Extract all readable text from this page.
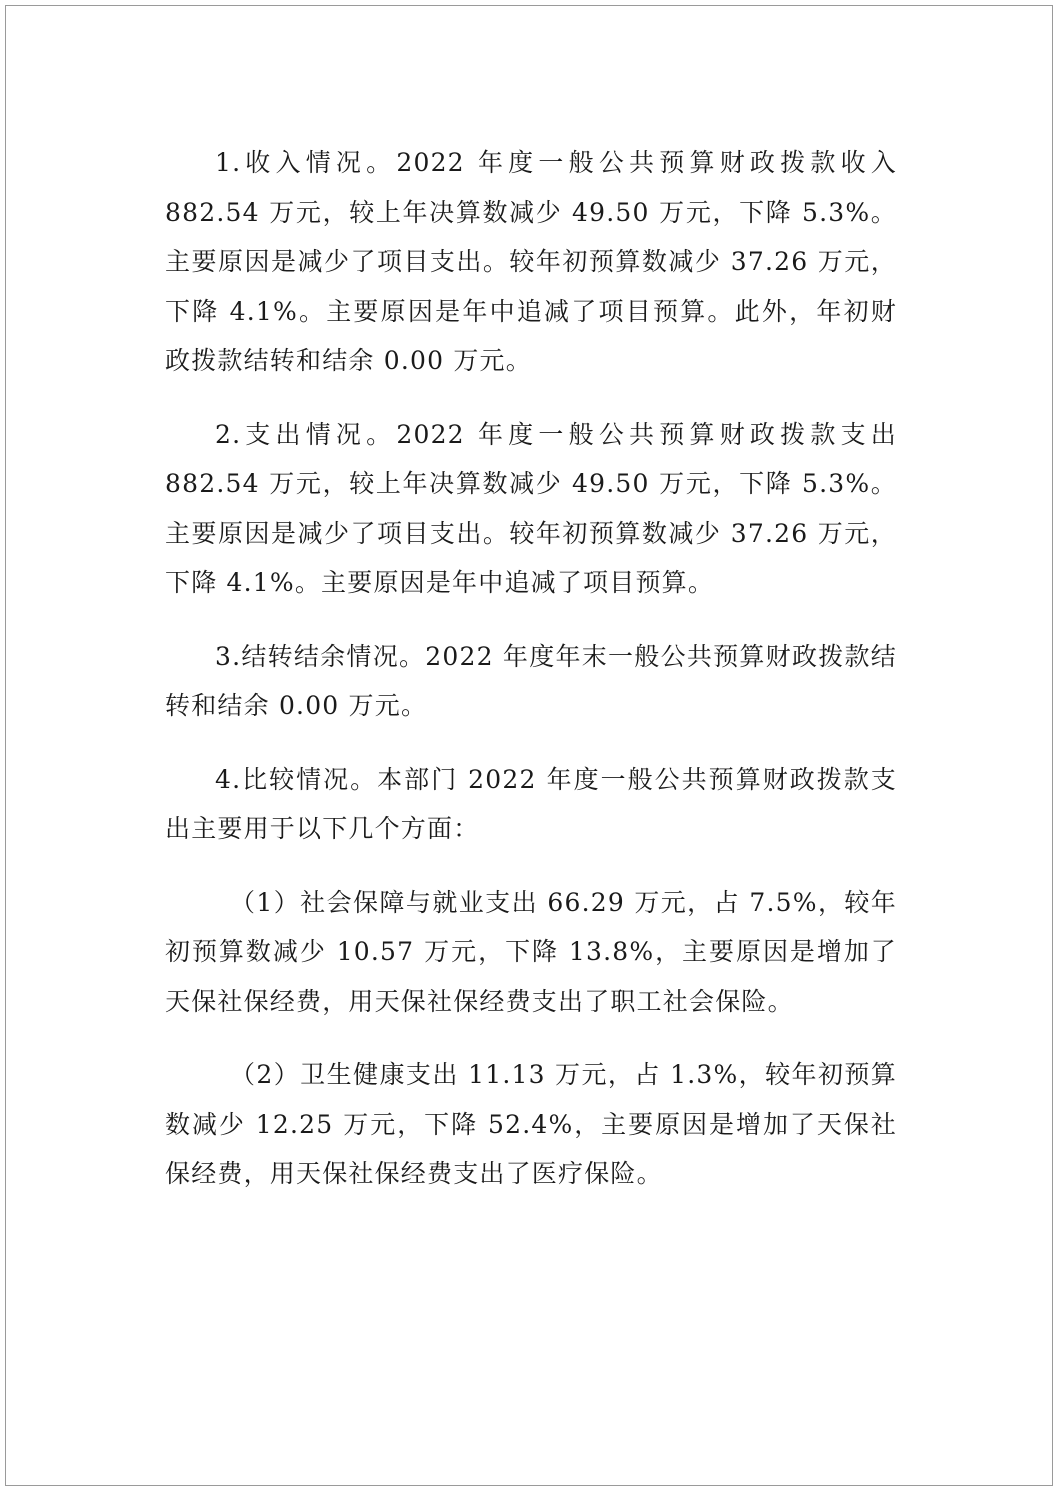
1.收入情况。2022 年度一般公共预算财政拨款收入 882.54 万元，较上年决算数减少 49.50 万元，下降 5.3%。主要原因是减少了项目支出。较年初预算数减少 37.26 万元，下降 4.1%。主要原因是年中追减了项目预算。此外，年初财政拨款结转和结余 0.00 万元。

2.支出情况。2022 年度一般公共预算财政拨款支出 882.54 万元，较上年决算数减少 49.50 万元，下降 5.3%。主要原因是减少了项目支出。较年初预算数减少 37.26 万元，下降 4.1%。主要原因是年中追减了项目预算。

3.结转结余情况。2022 年度年末一般公共预算财政拨款结转和结余 0.00 万元。

4.比较情况。本部门 2022 年度一般公共预算财政拨款支出主要用于以下几个方面：

（1）社会保障与就业支出 66.29 万元，占 7.5%，较年初预算数减少 10.57 万元，下降 13.8%，主要原因是增加了天保社保经费，用天保社保经费支出了职工社会保险。

（2）卫生健康支出 11.13 万元，占 1.3%，较年初预算数减少 12.25 万元，下降 52.4%，主要原因是增加了天保社保经费，用天保社保经费支出了医疗保险。
